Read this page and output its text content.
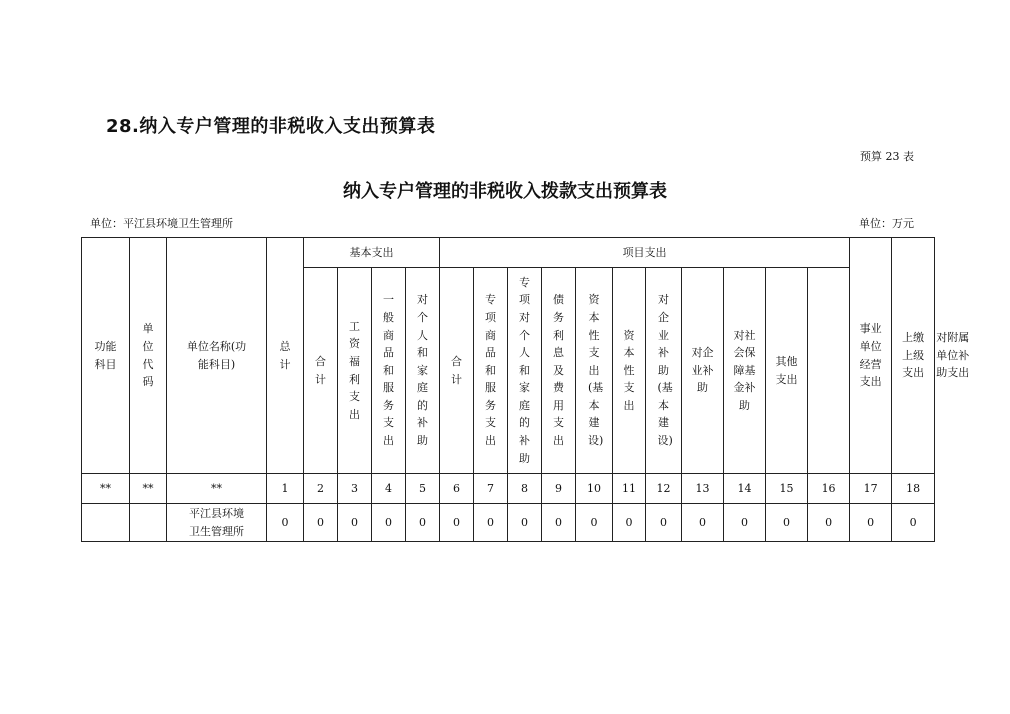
28.纳入专户管理的非税收入支出预算表
预算 23 表
纳入专户管理的非税收入拨款支出预算表
单位：平江县环境卫生管理所	单位：万元
功能科目	单位代码	单位名称(功能科目)	总计	基本支出				项目支出											事业单位经营支出	上缴上级支出	对附属单位补助支出
				合计	工资福利支出	一般商品和服务支出	对个人和家庭的补助	合计	专项商品和服务支出	专项对个人和家庭的补助	债务利息及费用支出	资本性支出(基本建设)	资本性支出	对企业补助(基本建设)	对企业补助	对社会保障基金补助	其他支出				
**	**	**	1	2	3	4	5	6	7	8	9	10	11	12	13	14	15	16	17	18	
		平江县环境卫生管理所	0	0	0	0	0	0	0	0	0	0	0	0	0	0	0	0	0	0	
